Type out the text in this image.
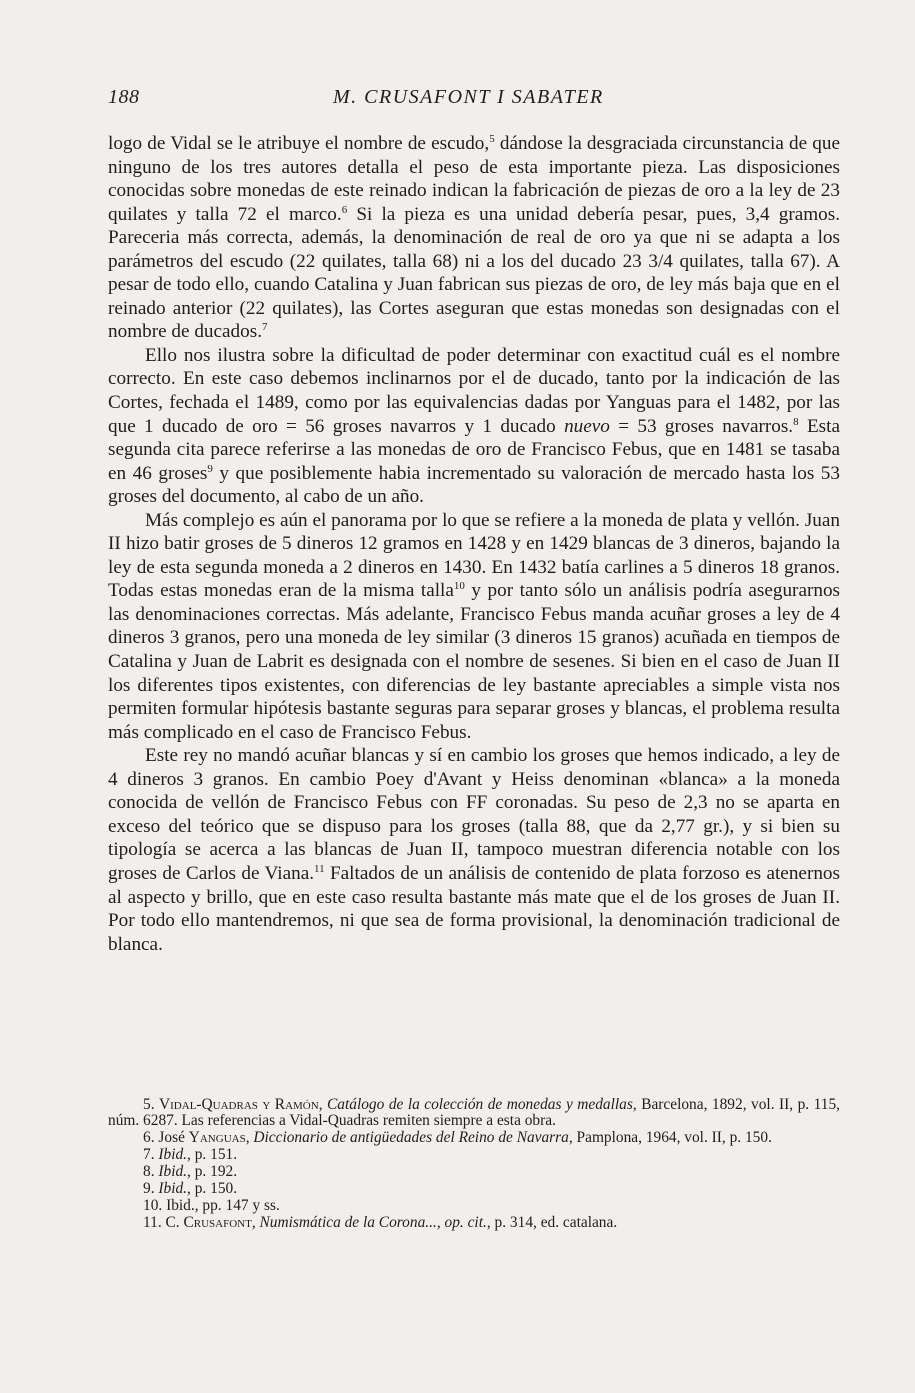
188	M. CRUSAFONT I SABATER

logo de Vidal se le atribuye el nombre de escudo,$^5$ dándose la desgraciada circunstancia de que ninguno de los tres autores detalla el peso de esta importante pieza. Las disposiciones conocidas sobre monedas de este reinado indican la fabricación de piezas de oro a la ley de 23 quilates y talla 72 el marco.$^6$ Si la pieza es una unidad debería pesar, pues, 3,4 gramos. Pareceria más correcta, además, la denominación de real de oro ya que ni se adapta a los parámetros del escudo (22 quilates, talla 68) ni a los del ducado 23 3/4 quilates, talla 67). A pesar de todo ello, cuando Catalina y Juan fabrican sus piezas de oro, de ley más baja que en el reinado anterior (22 quilates), las Cortes aseguran que estas monedas son designadas con el nombre de ducados.$^7$

Ello nos ilustra sobre la dificultad de poder determinar con exactitud cuál es el nombre correcto. En este caso debemos inclinarnos por el de ducado, tanto por la indicación de las Cortes, fechada el 1489, como por las equivalencias dadas por Yanguas para el 1482, por las que 1 ducado de oro = 56 groses navarros y 1 ducado nuevo = 53 groses navarros.$^8$ Esta segunda cita parece referirse a las monedas de oro de Francisco Febus, que en 1481 se tasaba en 46 groses$^9$ y que posiblemente habia incrementado su valoración de mercado hasta los 53 groses del documento, al cabo de un año.

Más complejo es aún el panorama por lo que se refiere a la moneda de plata y vellón. Juan II hizo batir groses de 5 dineros 12 gramos en 1428 y en 1429 blancas de 3 dineros, bajando la ley de esta segunda moneda a 2 dineros en 1430. En 1432 batía carlines a 5 dineros 18 granos. Todas estas monedas eran de la misma talla$^{10}$ y por tanto sólo un análisis podría asegurarnos las denominaciones correctas. Más adelante, Francisco Febus manda acuñar groses a ley de 4 dineros 3 granos, pero una moneda de ley similar (3 dineros 15 granos) acuñada en tiempos de Catalina y Juan de Labrit es designada con el nombre de sesenes. Si bien en el caso de Juan II los diferentes tipos existentes, con diferencias de ley bastante apreciables a simple vista nos permiten formular hipótesis bastante seguras para separar groses y blancas, el problema resulta más complicado en el caso de Francisco Febus.

Este rey no mandó acuñar blancas y sí en cambio los groses que hemos indicado, a ley de 4 dineros 3 granos. En cambio Poey d'Avant y Heiss denominan «blanca» a la moneda conocida de vellón de Francisco Febus con FF coronadas. Su peso de 2,3 no se aparta en exceso del teórico que se dispuso para los groses (talla 88, que da 2,77 gr.), y si bien su tipología se acerca a las blancas de Juan II, tampoco muestran diferencia notable con los groses de Carlos de Viana.$^{11}$ Faltados de un análisis de contenido de plata forzoso es atenernos al aspecto y brillo, que en este caso resulta bastante más mate que el de los groses de Juan II. Por todo ello mantendremos, ni que sea de forma provisional, la denominación tradicional de blanca.

5. Vidal-Quadras y Ramón, Catálogo de la colección de monedas y medallas, Barcelona, 1892, vol. II, p. 115, núm. 6287. Las referencias a Vidal-Quadras remiten siempre a esta obra.

6. José Yanguas, Diccionario de antigüedades del Reino de Navarra, Pamplona, 1964, vol. II, p. 150.

7. Ibid., p. 151.

8. Ibid., p. 192.

9. Ibid., p. 150.

10. Ibid., pp. 147 y ss.

11. C. Crusafont, Numismática de la Corona..., op. cit., p. 314, ed. catalana.
